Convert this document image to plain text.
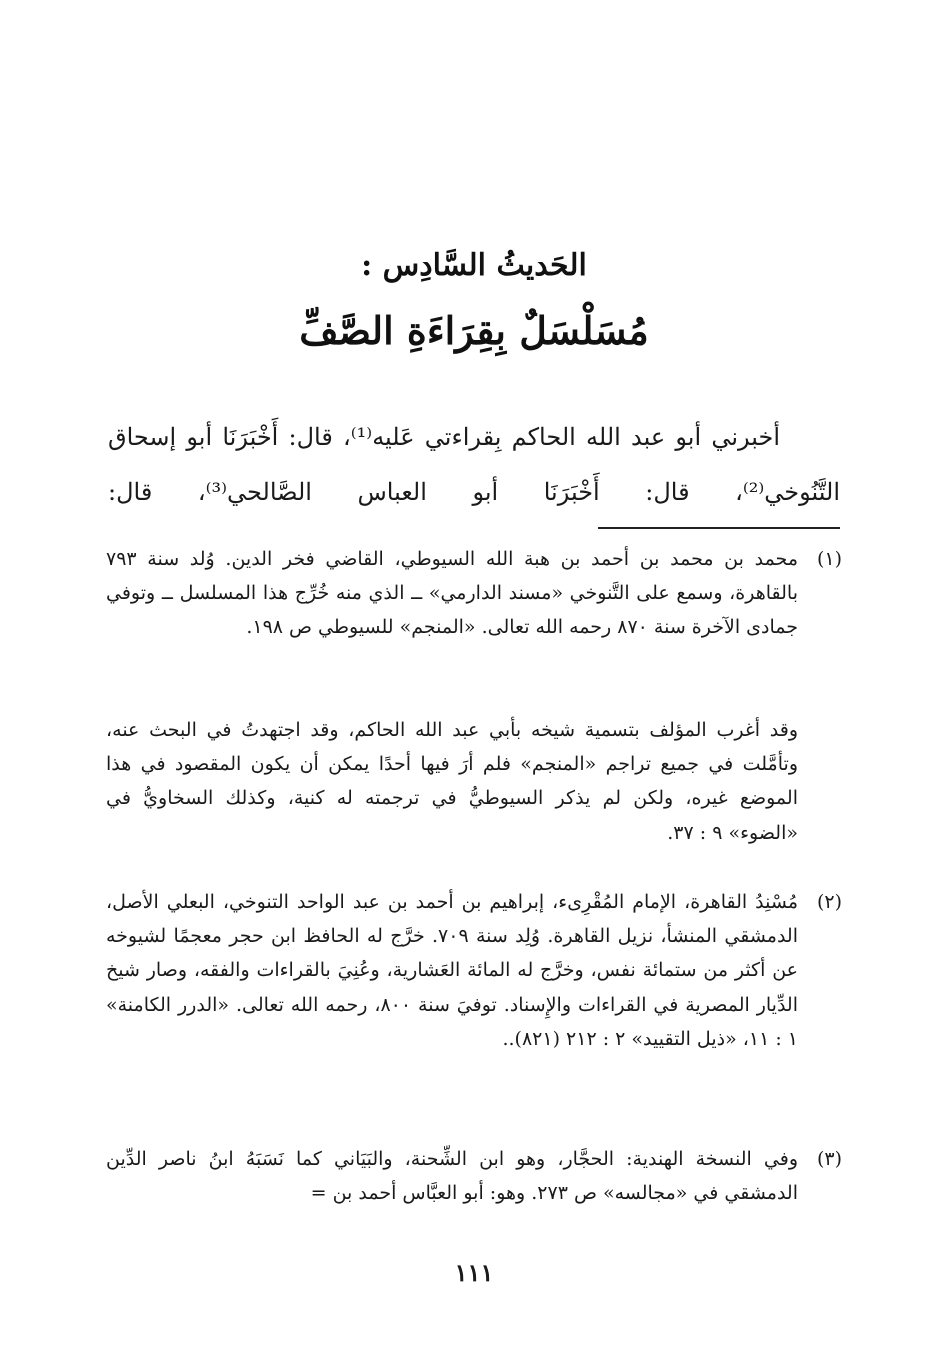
الحَديثُ السَّادِس :
مُسَلْسَلٌ بِقِرَاءَةِ الصَّفِّ

أخبرني أبو عبد الله الحاكم بِقراءتي عَليه⁽¹⁾، قال: أَخْبَرَنَا أبو إسحاق التَّنُوخي⁽²⁾، قال: أَخْبَرَنَا أبو العباس الصَّالحي⁽³⁾، قال:

(١)

محمد بن محمد بن أحمد بن هبة الله السيوطي، القاضي فخر الدين. وُلد سنة ٧٩٣ بالقاهرة، وسمع على التَّنوخي «مسند الدارمي» ــ الذي منه خُرِّج هذا المسلسل ــ وتوفي جمادى الآخرة سنة ٨٧٠ رحمه الله تعالى. «المنجم» للسيوطي ص ١٩٨.

وقد أغرب المؤلف بتسمية شيخه بأبي عبد الله الحاكم، وقد اجتهدتُ في البحث عنه، وتأمَّلت في جميع تراجم «المنجم» فلم أرَ فيها أحدًا يمكن أن يكون المقصود في هذا الموضع غيره، ولكن لم يذكر السيوطيُّ في ترجمته له كنية، وكذلك السخاويُّ في «الضوء» ٩ : ٣٧.

(٢)

مُسْنِدُ القاهرة، الإمام المُقْرِىء، إبراهيم بن أحمد بن عبد الواحد التنوخي، البعلي الأصل، الدمشقي المنشأ، نزيل القاهرة. وُلِد سنة ٧٠٩. خرَّج له الحافظ ابن حجر معجمًا لشيوخه عن أكثر من ستمائة نفس، وخرَّج له المائة العَشارية، وعُنِيَ بالقراءات والفقه، وصار شيخ الدِّيار المصرية في القراءات والإِسناد. توفيَ سنة ٨٠٠، رحمه الله تعالى. «الدرر الكامنة» ١ : ١١، «ذيل التقييد» ٢ : ٢١٢ (٨٢١)..

(٣)

وفي النسخة الهندية: الحجَّار، وهو ابن الشِّحنة، والبَيَاني كما نَسَبَهُ ابنُ ناصر الدِّين الدمشقي في «مجالسه» ص ٢٧٣. وهو: أبو العبَّاس أحمد بن =

١١١
